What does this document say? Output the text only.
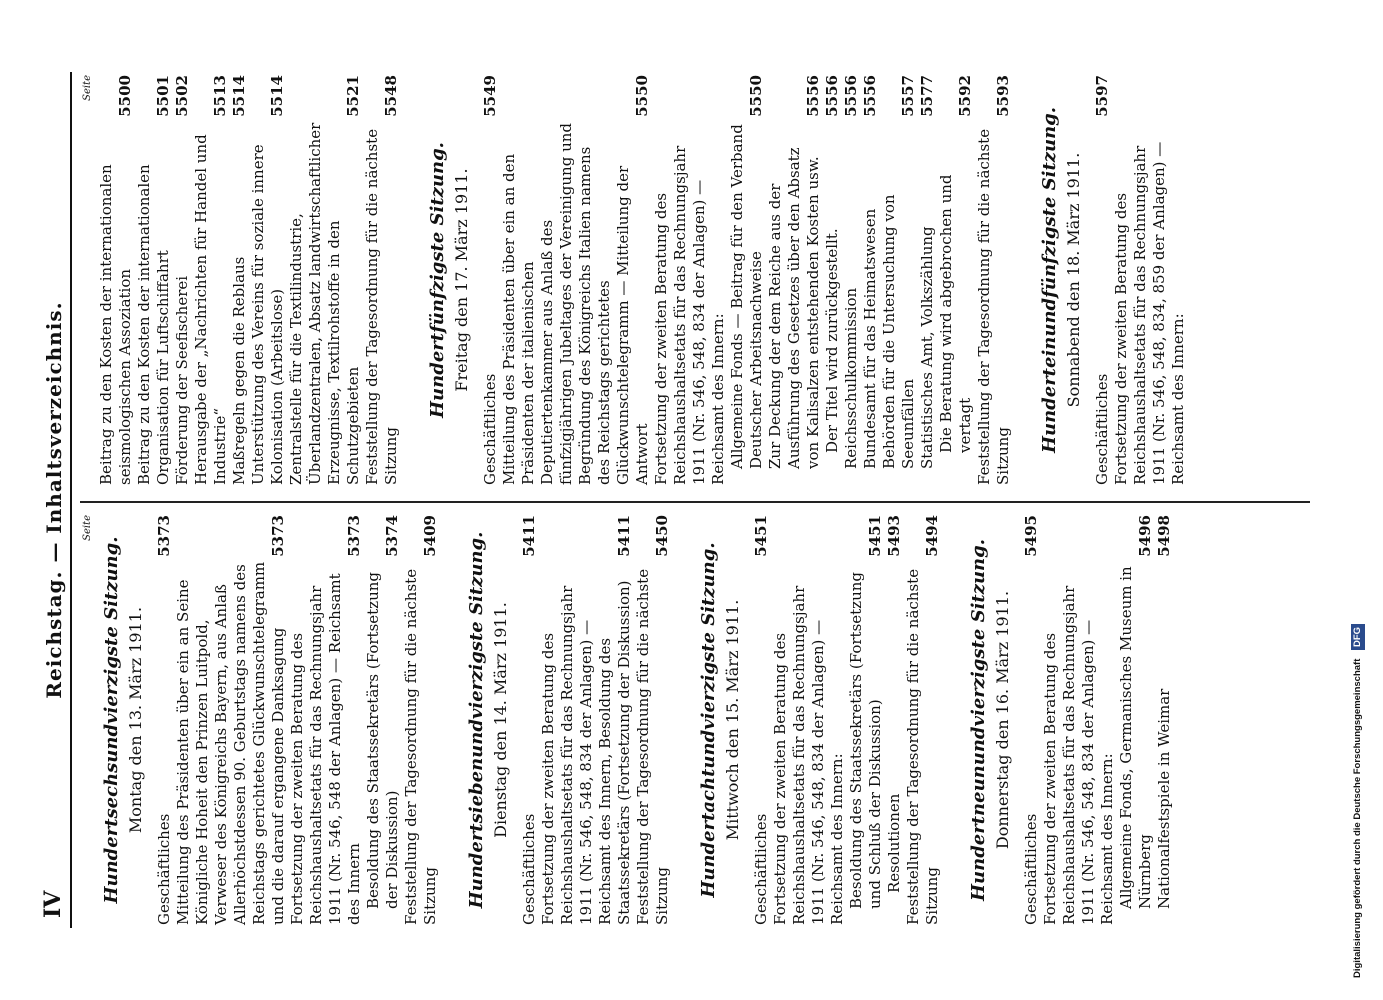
IV
Reichstag. — Inhaltsverzeichnis. Seite
Hundertsechsundvierzigste Sitzung. Montag den 13. März 1911.
Geschäftliches
5373
Mitteilung des Präsidenten über ein an Seine Königliche Hoheit den Prinzen Luitpold, Verweser des Königreichs Bayern, aus Anlaß Allerhöchstdessen 90. Geburtstags namens des Reichstags gerichtetes Glückwunschtelegramm und die darauf ergangene Danksagung
5373
Fortsetzung der zweiten Beratung des Reichshaushaltsetats für das Rechnungsjahr 1911 (Nr. 546, 548 der Anlagen) — Reichsamt des Innern
5373
Besoldung des Staatssekretärs (Fortsetzung der Diskussion)
5374
Feststellung der Tagesordnung für die nächste Sitzung
5409 Hundertsiebenundvierzigste Sitzung. Dienstag den 14. März 1911.
Geschäftliches
5411
Fortsetzung der zweiten Beratung des Reichshaushaltsetats für das Rechnungsjahr 1911 (Nr. 546, 548, 834 der Anlagen) — Reichsamt des Innern, Besoldung des Staatssekretärs (Fortsetzung der Diskussion)
5411
Feststellung der Tagesordnung für die nächste Sitzung
5450
Hundertachtundvierzigste Sitzung. Mittwoch den 15. März 1911.
Geschäftliches
5451
Fortsetzung der zweiten Beratung des Reichshaushaltsetats für das Rechnungsjahr 1911 (Nr. 546, 548, 834 der Anlagen) — Reichsamt des Innern: Besoldung des Staatssekretärs (Fortsetzung und Schluß der Diskussion)
5451
Resolutionen
5493
Feststellung der Tagesordnung für die nächste Sitzung
5494
Hundertneunundvierzigste Sitzung. Donnerstag den 16. März 1911.
Geschäftliches
5495
Fortsetzung der zweiten Beratung des Reichshaushaltsetats für das Rechnungsjahr 1911 (Nr. 546, 548, 834 der Anlagen) — Reichsamt des Innern: Allgemeine Fonds, Germanisches Museum in Nürnberg
5496
Nationalfestspiele in Weimar
5498
Seite
Beitrag zu den Kosten der internationalen seismologischen Assoziation
5500
Beitrag zu den Kosten der internationalen Organisation für Luftschiffahrt
5501
Förderung der Seefischerei
5502
Herausgabe der „Nachrichten für Handel und Industrie“
5513
Maßregeln gegen die Reblaus
5514
Unterstützung des Vereins für soziale innere Kolonisation (Arbeitslose)
5514
Zentralstelle für die Textilindustrie, Überlandzentralen, Absatz landwirtschaftlicher Erzeugnisse, Textilrohstoffe in den Schutzgebieten
5521
Feststellung der Tagesordnung für die nächste Sitzung
5548
Hundertfünfzigste Sitzung. Freitag den 17. März 1911.
Geschäftliches
5549
Mitteilung des Präsidenten über ein an den Präsidenten der italienischen Deputiertenkammer aus Anlaß des fünfzigjährigen Jubeltages der Vereinigung und Begründung des Königreichs Italien namens des Reichstags gerichtetes Glückwunschtelegramm — Mitteilung der Antwort
5550
Fortsetzung der zweiten Beratung des Reichshaushaltsetats für das Rechnungsjahr 1911 (Nr. 546, 548, 834 der Anlagen) — Reichsamt des Innern: Allgemeine Fonds — Beitrag für den Verband Deutscher Arbeitsnachweise
5550
Zur Deckung der dem Reiche aus der Ausführung des Gesetzes über den Absatz von Kalisalzen entstehenden Kosten usw.
5556
Der Titel wird zurückgestellt.
5556
Reichsschulkommission
5556
Bundesamt für das Heimatswesen
5556
Behörden für die Untersuchung von Seeunfällen
5557
Statistisches Amt, Volkszählung
5577
Die Beratung wird abgebrochen und vertagt
5592
Feststellung der Tagesordnung für die nächste Sitzung
5593
Hunderteinundfünfzigste Sitzung. Sonnabend den 18. März 1911.
Geschäftliches
5597
Fortsetzung der zweiten Beratung des Reichshaushaltsetats für das Rechnungsjahr 1911 (Nr. 546, 548, 834, 859 der Anlagen) — Reichsamt des Innern:
Digitalisierung gefördert durch die Deutsche Forschungsgemeinschaft DFG
